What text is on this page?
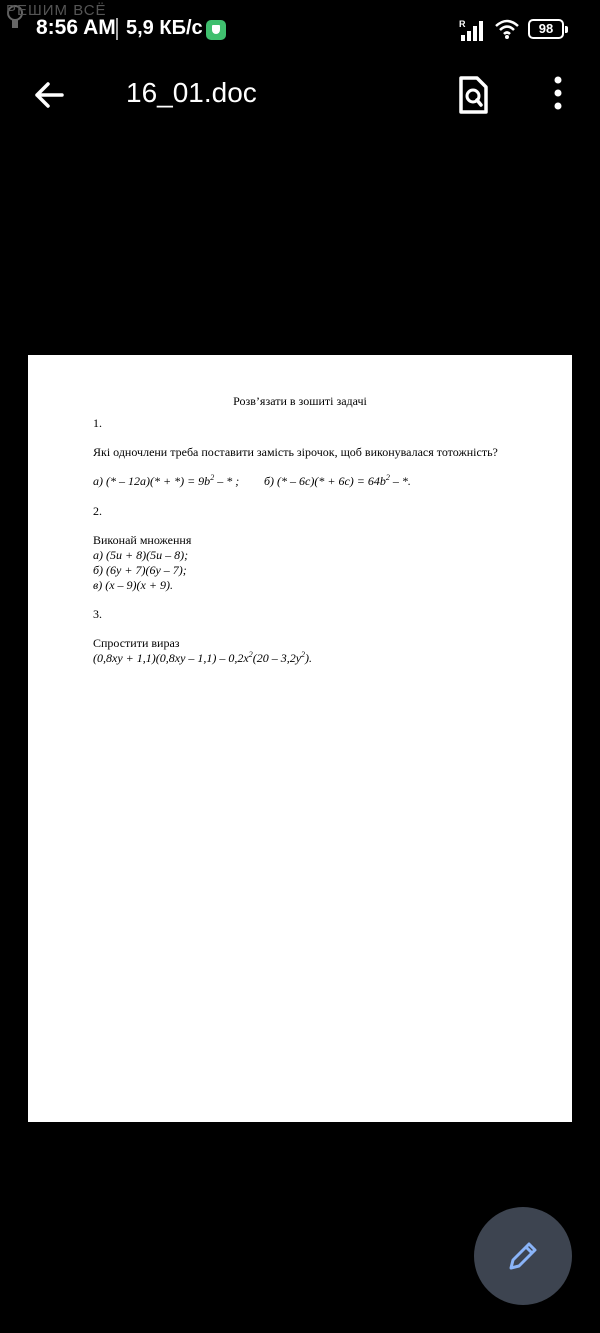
РЕШИМ ВСЁ
8:56 AM 5,9 КБ/с	R	98
16_01.doc

Розв’язати в зошиті задачі

1.

Які одночлени треба поставити замість зірочок, щоб виконувалася тотожність?

а) (* – 12а)(* + *) = $9b^2$ – * ; б) (* – $6с)(* + 6с) = 64b^2$ – *.

2.

Виконай множення

а) (5u + 8)(5u – 8);

б) (6у + 7)(6у – 7);

в) (х – 9)(х + 9).

3.

Спростити вираз

$(0,8ху + 1,1)(0,8ху - 1,1) - 0,2х^2(20 - 3,2у^2)$.
